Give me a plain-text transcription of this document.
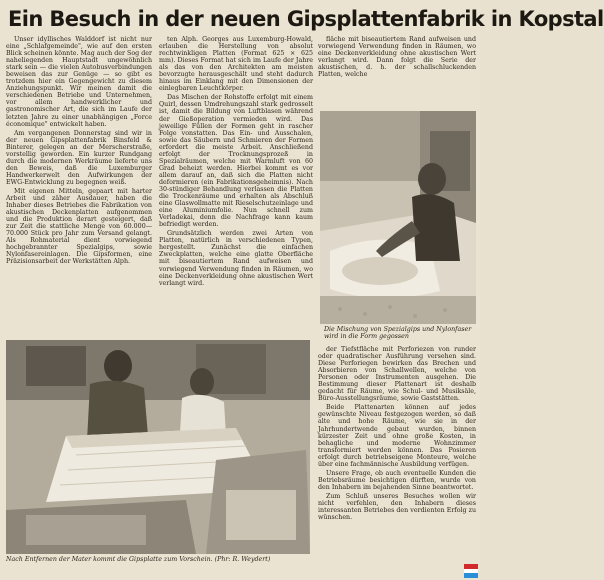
Ein Besuch in der neuen Gipsplattenfabrik in Kopstal

Unser idyllisches Walddorf ist nicht nur eine „Schlafgemeinde", wie auf den ersten Blick scheinen könnte. Mag auch der Sog der naheliegenden Hauptstadt ungewöhnlich stark sein — die vielen Autobusverbindungen beweisen das zur Genüge — so gibt es trotzdem hier ein Gegengewicht zu diesem Anziehungspunkt. Wir meinen damit die verschiedenen Betriebe und Unternehmen, vor allem handwerklicher und gastronomischer Art, die sich im Laufe der letzten Jahre zu einer unabhängigen „Force économique" entwickelt haben.

Am vergangenen Donnerstag sind wir in der neuen Gipsplattenfabrik Binsfeld & Binterer, gelegen an der Merscherstraße, vorstellig geworden. Ein kurzer Rundgang durch die modernen Werkräume lieferte uns den Beweis, daß die Luxemburger Handwerkerwelt den Aufwirkungen der EWG-Entwicklung zu begegnen weiß.

Mit eigenen Mitteln, gepaart mit harter Arbeit und zäher Ausdauer, haben die Inhaber dieses Betriebes die Fabrikation von akustischen Deckenplatten aufgenommen und die Produktion derart gesteigert, daß zur Zeit die stattliche Menge von 60.000—70.000 Stück pro Jahr zum Versand gelangt. Als Rohmaterial dient vorwiegend hochgebrannter Spezialgips, sowie Nylonfasereinlagen. Die Gipsformen, eine Präzisionsarbeit der Werkstätten Alph.

ten Alph. Georges aus Luxemburg-Howald, erlauben die Herstellung von absolut rechtwinkligen Platten (Format 625 × 625 mm). Dieses Format hat sich im Laufe der Jahre als das von den Architekten am meisten bevorzugte herausgeschält und steht dadurch hinaus im Einklang mit den Dimensionen der einlegbaren Leuchtkörper.

Das Mischen der Rohstoffe erfolgt mit einem Quirl, dessen Umdrehungszahl stark gedrosselt ist, damit die Bildung von Luftblasen während der Gießoperation vermieden wird. Das jeweilige Füllen der Formen geht in rascher Folge vonstatten. Das Ein- und Ausschalen, sowie das Säubern und Schmieren der Formen erfordert die meiste Arbeit. Anschließend erfolgt der Trocknungsprozeß in Spezialräumen, welche mit Warmluft von 60 Grad beheizt werden. Hierbei kommt es vor allem darauf an, daß sich die Platten nicht deformieren (ein Fabrikationsgeheimnis). Nach 30-stündiger Behandlung verlassen die Platten die Trockenräume und erhalten als Abschluß eine Glaswollmatte mit Rieselschutzeinlage und eine Aluminiumfolie. Nun schnell zum Verladekai, denn die Nachfrage kann kaum befriedigt werden.

Grundsätzlich werden zwei Arten von Platten, natürlich in verschiedenen Typen, hergestellt. Zunächst die einfachen Zweckplatten, welche eine glatte Oberfläche mit biseautiertem Rand aufweisen und vorwiegend Verwendung finden in Räumen, wo eine Deckenverkleidung ohne akustischen Wert verlangt wird.

fläche mit biseautiertem Rand aufweisen und vorwiegend Verwendung finden in Räumen, wo eine Deckenverkleidung ohne akustischen Wert verlangt wird. Dann folgt die Serie der akustischen, d. h. der schallschluckenden Platten, welche

Die Mischung von Spezialgips und Nylonfaser wird in die Form gegossen
Nach Entfernen der Mater kommt die Gipsplatte zum Vorschein. (Phr: R. Weydert)

der Tiefstfläche mit Perforiezen von runder oder quadratischer Ausführung versehen sind. Diese Perforiegen bewirken das Brechen und Absorbieren von Schallwellen, welche von Personen oder Instrumenten ausgehen. Die Bestimmung dieser Plattenart ist deshalb gedacht für Räume, wie Schul- und Musiksäle, Büro-Ausstellungsräume, sowie Gaststätten.

Beide Plattenarten können auf jedes gewünschte Niveau festgezogen werden, so daß alte und hohe Räume, wie sie in der Jahrhundertwende gebaut wurden, binnen kürzester Zeit und ohne große Kosten, in behagliche und moderne Wohnzimmer transformiert werden können. Das Posieren erfolgt durch betriebseigene Monteure, welche über eine fachmännische Ausbildung verfügen.

Unsere Frage, ob auch eventuelle Kunden die Betriebsräume besichtigen dürften, wurde von den Inhabern im bejahenden Sinne beantwortet.

Zum Schluß unseres Besuches wollen wir nicht verfehlen, den Inhabern dieses interessanten Betriebes den verdienten Erfolg zu wünschen.
